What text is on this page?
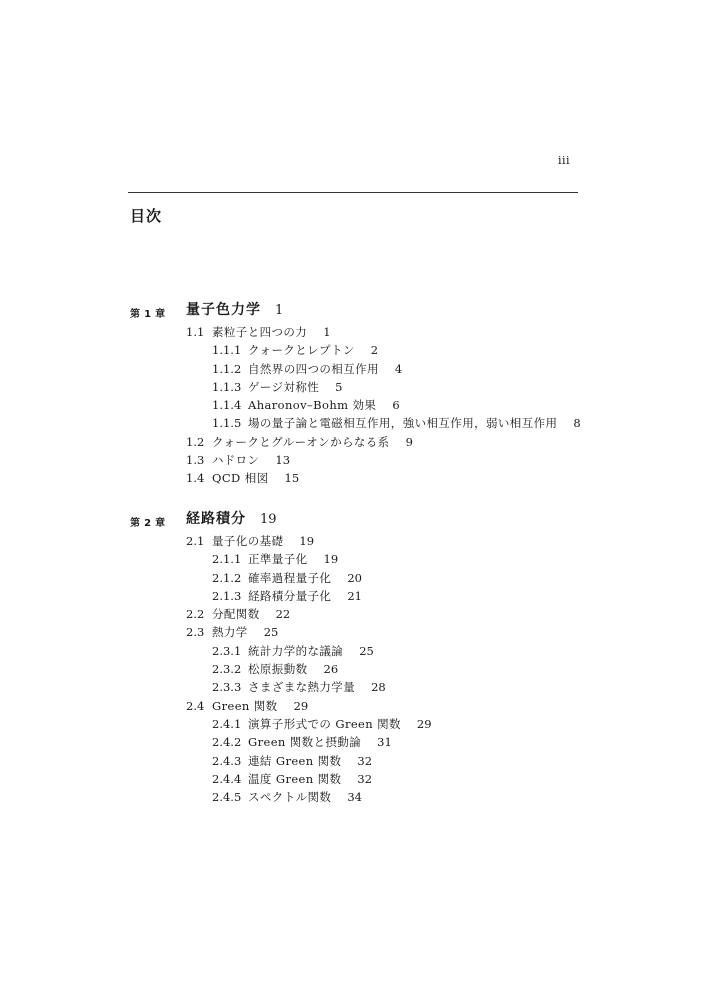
iii
目次
第 1 章 量子色力学 1
1.1 素粒子と四つの力 1
1.1.1 クォークとレプトン 2
1.1.2 自然界の四つの相互作用 4
1.1.3 ゲージ対称性 5
1.1.4 Aharonov–Bohm 効果 6
1.1.5 場の量子論と電磁相互作用，強い相互作用，弱い相互作用 8
1.2 クォークとグルーオンからなる系 9
1.3 ハドロン 13
1.4 QCD 相図 15
第 2 章 経路積分 19
2.1 量子化の基礎 19
2.1.1 正準量子化 19
2.1.2 確率過程量子化 20
2.1.3 経路積分量子化 21
2.2 分配関数 22
2.3 熱力学 25
2.3.1 統計力学的な議論 25
2.3.2 松原振動数 26
2.3.3 さまざまな熱力学量 28
2.4 Green 関数 29
2.4.1 演算子形式での Green 関数 29
2.4.2 Green 関数と摂動論 31
2.4.3 連結 Green 関数 32
2.4.4 温度 Green 関数 32
2.4.5 スペクトル関数 34
